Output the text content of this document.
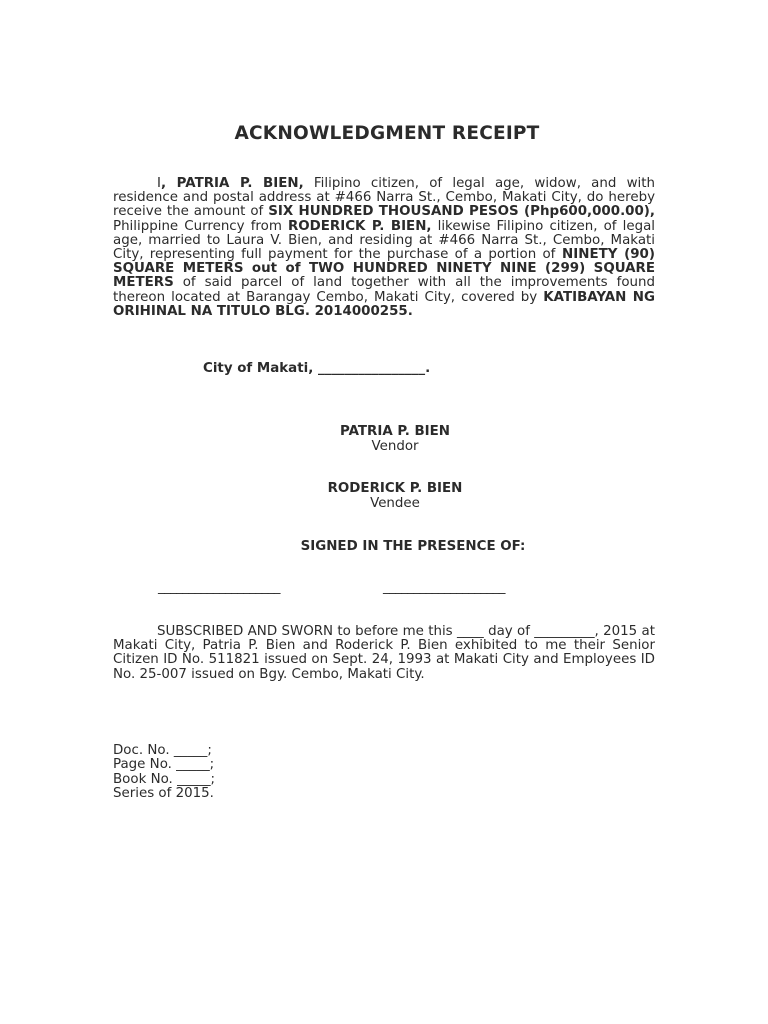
ACKNOWLEDGMENT RECEIPT
I, PATRIA P. BIEN, Filipino citizen, of legal age, widow, and with residence and postal address at #466 Narra St., Cembo, Makati City, do hereby receive the amount of SIX HUNDRED THOUSAND PESOS (Php600,000.00), Philippine Currency from RODERICK P. BIEN, likewise Filipino citizen, of legal age, married to Laura V. Bien, and residing at #466 Narra St., Cembo, Makati City, representing full payment for the purchase of a portion of NINETY (90) SQUARE METERS out of TWO HUNDRED NINETY NINE (299) SQUARE METERS of said parcel of land together with all the improvements found thereon located at Barangay Cembo, Makati City, covered by KATIBAYAN NG ORIHINAL NA TITULO BLG. 2014000255.
City of Makati, ________________.
PATRIA P. BIEN
Vendor
RODERICK P. BIEN
Vendee
SIGNED IN THE PRESENCE OF:
____________________	____________________
SUBSCRIBED AND SWORN to before me this ____ day of _________, 2015 at Makati City, Patria P. Bien and Roderick P. Bien exhibited to me their Senior Citizen ID No. 511821 issued on Sept. 24, 1993 at Makati City and Employees ID No. 25-007 issued on Bgy. Cembo, Makati City.
Doc. No. _____;
Page No. _____;
Book No. _____;
Series of 2015.
